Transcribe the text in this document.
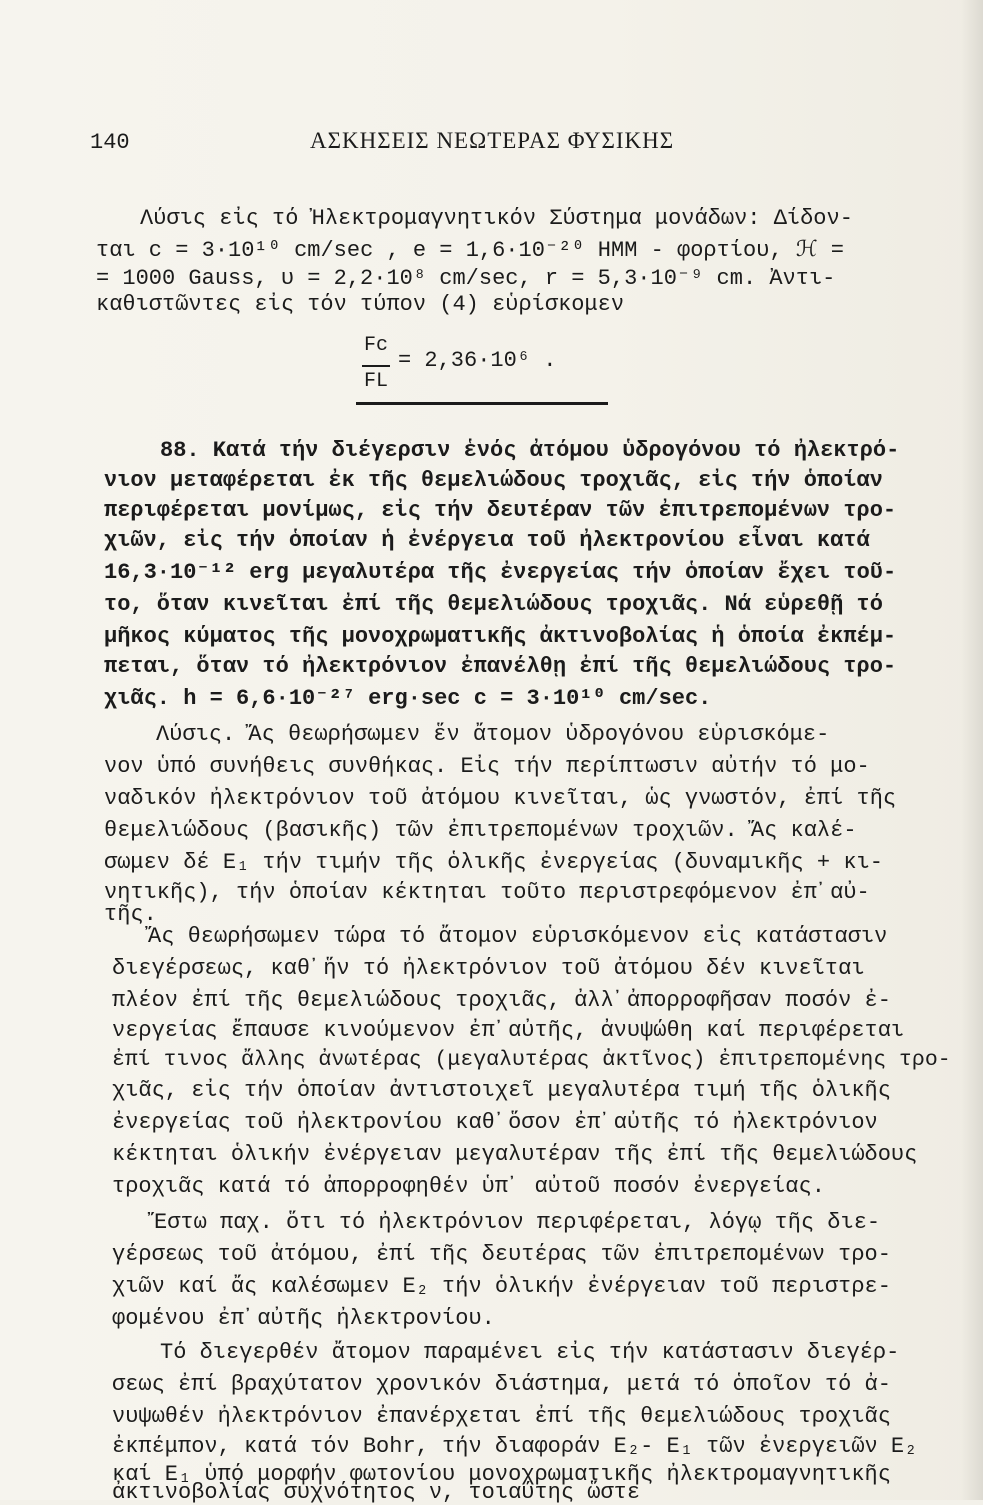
140	ΑΣΚΗΣΕΙΣ ΝΕΩΤΕΡΑΣ ΦΥΣΙΚΗΣ
Λύσις εἰς τό Ἠλεκτρομαγνητικόν Σύστημα μονάδων: Δίδον-
ται c = 3·10¹⁰ cm/sec , e = 1,6·10⁻²⁰ ΗΜΜ - φορτίου, ℋ =
= 1000 Gauss, υ = 2,2·10⁸ cm/sec, r = 5,3·10⁻⁹ cm. Ἀντι-
καθιστῶντες εἰς τόν τύπον (4) εὑρίσκομεν
Fc
FL
= 2,36·10⁶ .
88. Κατά τήν διέγερσιν ἑνός ἀτόμου ὑδρογόνου τό ἠλεκτρό-
νιον μεταφέρεται ἐκ τῆς θεμελιώδους τροχιᾶς, εἰς τήν ὁποίαν
περιφέρεται μονίμως, εἰς τήν δευτέραν τῶν ἐπιτρεπομένων τρο-
χιῶν, εἰς τήν ὁποίαν ἡ ἐνέργεια τοῦ ἠλεκτρονίου εἶναι κατά
16,3·10⁻¹² erg μεγαλυτέρα τῆς ἐνεργείας τήν ὁποίαν ἔχει τοῦ-
το, ὅταν κινεῖται ἐπί τῆς θεμελιώδους τροχιᾶς. Νά εὑρεθῇ τό
μῆκος κύματος τῆς μονοχρωματικῆς ἀκτινοβολίας ἡ ὁποία ἐκπέμ-
πεται, ὅταν τό ἠλεκτρόνιον ἐπανέλθῃ ἐπί τῆς θεμελιώδους τρο-
χιᾶς. h = 6,6·10⁻²⁷ erg·sec c = 3·10¹⁰ cm/sec.
Λύσις. Ἄς θεωρήσωμεν ἕν ἄτομον ὑδρογόνου εὑρισκόμε-
νον ὑπό συνήθεις συνθήκας. Εἰς τήν περίπτωσιν αὐτήν τό μο-
ναδικόν ἠλεκτρόνιον τοῦ ἀτόμου κινεῖται, ὡς γνωστόν, ἐπί τῆς
θεμελιώδους (βασικῆς) τῶν ἐπιτρεπομένων τροχιῶν. Ἄς καλέ-
σωμεν δέ E₁ τήν τιμήν τῆς ὁλικῆς ἐνεργείας (δυναμικῆς + κι-
νητικῆς), τήν ὁποίαν κέκτηται τοῦτο περιστρεφόμενον ἐπ᾽αὐ-
τῆς.
Ἄς θεωρήσωμεν τώρα τό ἄτομον εὑρισκόμενον εἰς κατάστασιν
διεγέρσεως, καθ᾽ἥν τό ἠλεκτρόνιον τοῦ ἀτόμου δέν κινεῖται
πλέον ἐπί τῆς θεμελιώδους τροχιᾶς, ἀλλ᾽ἀπορροφῆσαν ποσόν ἐ-
νεργείας ἔπαυσε κινούμενον ἐπ᾽αὐτῆς, ἀνυψώθη καί περιφέρεται
ἐπί τινος ἄλλης ἀνωτέρας (μεγαλυτέρας ἀκτῖνος) ἐπιτρεπομένης τρο-
χιᾶς, εἰς τήν ὁποίαν ἀντιστοιχεῖ μεγαλυτέρα τιμή τῆς ὁλικῆς
ἐνεργείας τοῦ ἠλεκτρονίου καθ᾽ὅσον ἐπ᾽αὐτῆς τό ἠλεκτρόνιον
κέκτηται ὁλικήν ἐνέργειαν μεγαλυτέραν τῆς ἐπί τῆς θεμελιώδους
τροχιᾶς κατά τό ἀπορροφηθέν ὑπ᾽ αὐτοῦ ποσόν ἐνεργείας.
Ἔστω παχ. ὅτι τό ἠλεκτρόνιον περιφέρεται, λόγῳ τῆς διε-
γέρσεως τοῦ ἀτόμου, ἐπί τῆς δευτέρας τῶν ἐπιτρεπομένων τρο-
χιῶν καί ἄς καλέσωμεν E₂ τήν ὁλικήν ἐνέργειαν τοῦ περιστρε-
φομένου ἐπ᾽αὐτῆς ἠλεκτρονίου.
Τό διεγερθέν ἄτομον παραμένει εἰς τήν κατάστασιν διεγέρ-
σεως ἐπί βραχύτατον χρονικόν διάστημα, μετά τό ὁποῖον τό ἀ-
νυψωθέν ἠλεκτρόνιον ἐπανέρχεται ἐπί τῆς θεμελιώδους τροχιᾶς
ἐκπέμπον, κατά τόν Bohr, τήν διαφοράν E₂- E₁ τῶν ἐνεργειῶν E₂
καί E₁ ὑπό μορφήν φωτονίου μονοχρωματικῆς ἠλεκτρομαγνητικῆς
ἀκτινοβολίας συχνότητος ν, τοιαύτης ὥστε
